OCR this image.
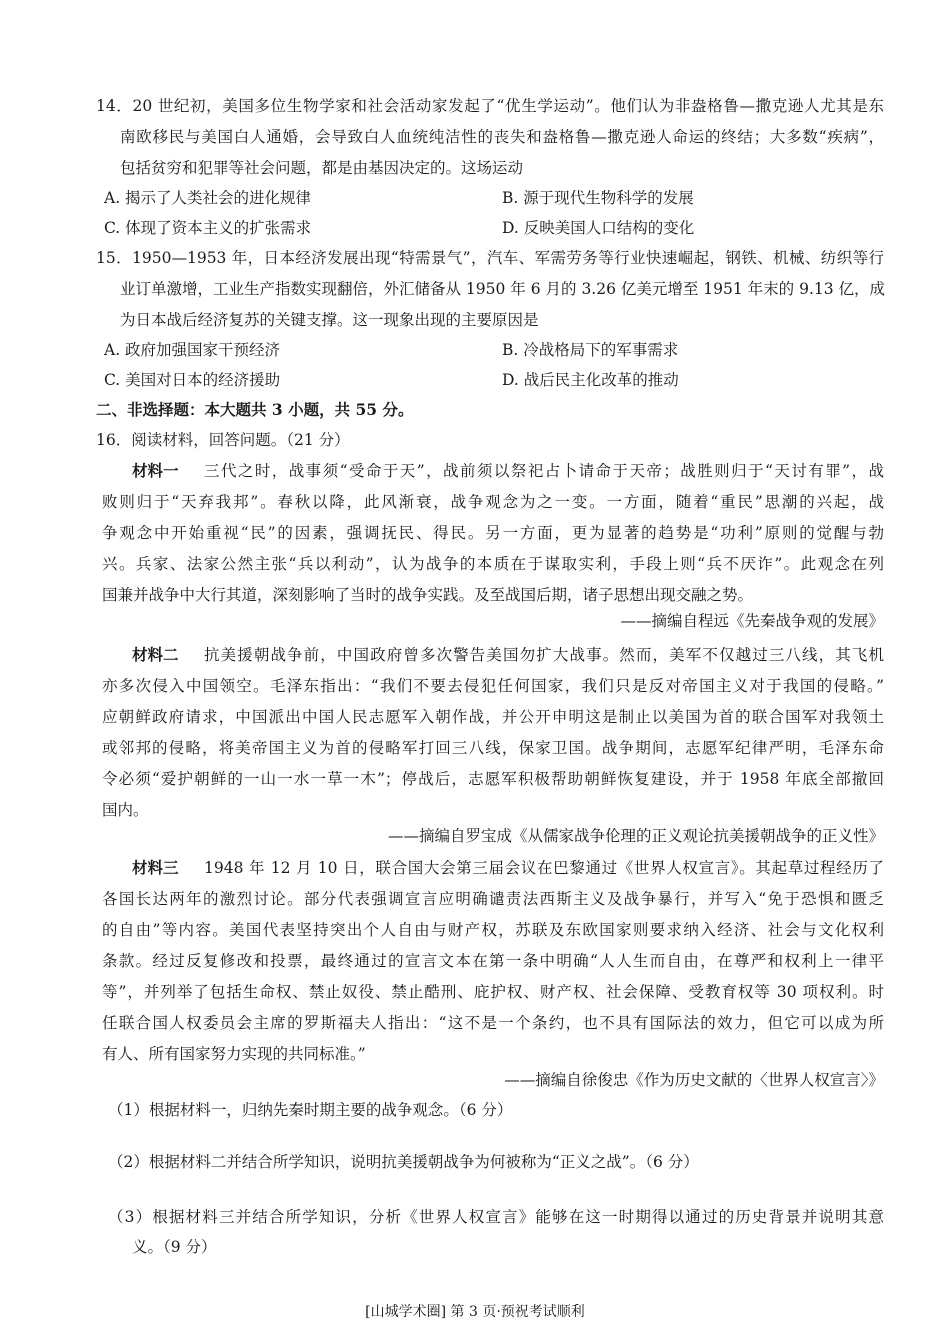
14．20 世纪初，美国多位生物学家和社会活动家发起了“优生学运动”。他们认为非盎格鲁—撒克逊人尤其是东
南欧移民与美国白人通婚，会导致白人血统纯洁性的丧失和盎格鲁—撒克逊人命运的终结；大多数“疾病”，
包括贫穷和犯罪等社会问题，都是由基因决定的。这场运动
A. 揭示了人类社会的进化规律	B. 源于现代生物科学的发展
C. 体现了资本主义的扩张需求	D. 反映美国人口结构的变化
15．1950—1953 年，日本经济发展出现“特需景气”，汽车、军需劳务等行业快速崛起，钢铁、机械、纺织等行
业订单激增，工业生产指数实现翻倍，外汇储备从 1950 年 6 月的 3.26 亿美元增至 1951 年末的 9.13 亿，成
为日本战后经济复苏的关键支撑。这一现象出现的主要原因是
A. 政府加强国家干预经济	B. 冷战格局下的军事需求
C. 美国对日本的经济援助	D. 战后民主化改革的推动
二、非选择题：本大题共 3 小题，共 55 分。
16．阅读材料，回答问题。（21 分）
材料一 三代之时，战事须“受命于天”，战前须以祭祀占卜请命于天帝；战胜则归于“天讨有罪”，战
败则归于“天弃我邦”。春秋以降，此风渐衰，战争观念为之一变。一方面，随着“重民”思潮的兴起，战
争观念中开始重视“民”的因素，强调抚民、得民。另一方面，更为显著的趋势是“功利”原则的觉醒与勃
兴。兵家、法家公然主张“兵以利动”，认为战争的本质在于谋取实利，手段上则“兵不厌诈”。此观念在列
国兼并战争中大行其道，深刻影响了当时的战争实践。及至战国后期，诸子思想出现交融之势。
——摘编自程远《先秦战争观的发展》
材料二 抗美援朝战争前，中国政府曾多次警告美国勿扩大战事。然而，美军不仅越过三八线，其飞机
亦多次侵入中国领空。毛泽东指出：“我们不要去侵犯任何国家，我们只是反对帝国主义对于我国的侵略。”
应朝鲜政府请求，中国派出中国人民志愿军入朝作战，并公开申明这是制止以美国为首的联合国军对我领土
或邻邦的侵略，将美帝国主义为首的侵略军打回三八线，保家卫国。战争期间，志愿军纪律严明，毛泽东命
令必须“爱护朝鲜的一山一水一草一木”；停战后，志愿军积极帮助朝鲜恢复建设，并于 1958 年底全部撤回
国内。
——摘编自罗宝成《从儒家战争伦理的正义观论抗美援朝战争的正义性》
材料三 1948 年 12 月 10 日，联合国大会第三届会议在巴黎通过《世界人权宣言》。其起草过程经历了
各国长达两年的激烈讨论。部分代表强调宣言应明确谴责法西斯主义及战争暴行，并写入“免于恐惧和匮乏
的自由”等内容。美国代表坚持突出个人自由与财产权，苏联及东欧国家则要求纳入经济、社会与文化权利
条款。经过反复修改和投票，最终通过的宣言文本在第一条中明确“人人生而自由，在尊严和权利上一律平
等”，并列举了包括生命权、禁止奴役、禁止酷刑、庇护权、财产权、社会保障、受教育权等 30 项权利。时
任联合国人权委员会主席的罗斯福夫人指出：“这不是一个条约，也不具有国际法的效力，但它可以成为所
有人、所有国家努力实现的共同标准。”
——摘编自徐俊忠《作为历史文献的〈世界人权宣言〉》
（1）根据材料一，归纳先秦时期主要的战争观念。（6 分）
（2）根据材料二并结合所学知识，说明抗美援朝战争为何被称为“正义之战”。（6 分）
（3）根据材料三并结合所学知识，分析《世界人权宣言》能够在这一时期得以通过的历史背景并说明其意
义。（9 分）
[山城学术圈] 第 3 页·预祝考试顺利
